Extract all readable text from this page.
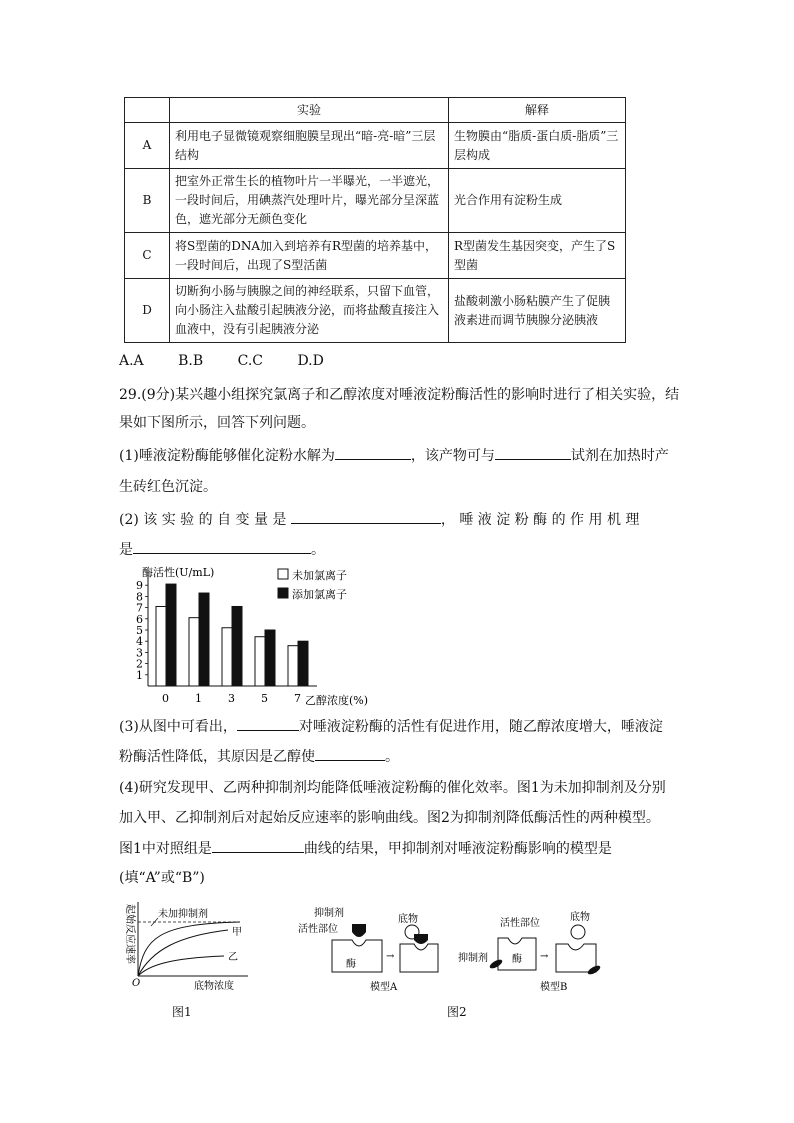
	实验	解释
A	利用电子显微镜观察细胞膜呈现出“暗-亮-暗”三层结构	生物膜由“脂质-蛋白质-脂质”三层构成
B	把室外正常生长的植物叶片一半曝光，一半遮光，一段时间后，用碘蒸汽处理叶片，曝光部分呈深蓝色，遮光部分无颜色变化	光合作用有淀粉生成
C	将S型菌的DNA加入到培养有R型菌的培养基中，一段时间后，出现了S型活菌	R型菌发生基因突变，产生了S型菌
D	切断狗小肠与胰腺之间的神经联系，只留下血管，向小肠注入盐酸引起胰液分泌，而将盐酸直接注入血液中，没有引起胰液分泌	盐酸刺激小肠粘膜产生了促胰液素进而调节胰腺分泌胰液
A.A B.B C.C D.D
29.(9分)某兴趣小组探究氯离子和乙醇浓度对唾液淀粉酶活性的影响时进行了相关实验，结
果如下图所示，回答下列问题。
(1)唾液淀粉酶能够催化淀粉水解为	，该产物可与	试剂在加热时产
生砖红色沉淀。
(2) 该 实 验 的 自 变 量 是	， 唾 液 淀 粉 酶 的 作 用 机 理
是	。
1
2
3
4
5
6
7
8
9
0 1 3 5 7
酶活性(U/mL)
乙醇浓度(%)
未加氯离子
添加氯离子
(3)从图中可看出，	对唾液淀粉酶的活性有促进作用，随乙醇浓度增大，唾液淀
粉酶活性降低，其原因是乙醇使	。
(4)研究发现甲、乙两种抑制剂均能降低唾液淀粉酶的催化效率。图1为未加抑制剂及分别
加入甲、乙抑制剂后对起始反应速率的影响曲线。图2为抑制剂降低酶活性的两种模型。
图1中对照组是	曲线的结果，甲抑制剂对唾液淀粉酶影响的模型是
(填“A”或“B”)
起始反应速率 未加抑制剂
甲
乙
O	底物浓度
图1
抑制剂
活性部位
酶
→
底物
模型A
活性部位
抑制剂 酶 →
底物
模型B
图2
